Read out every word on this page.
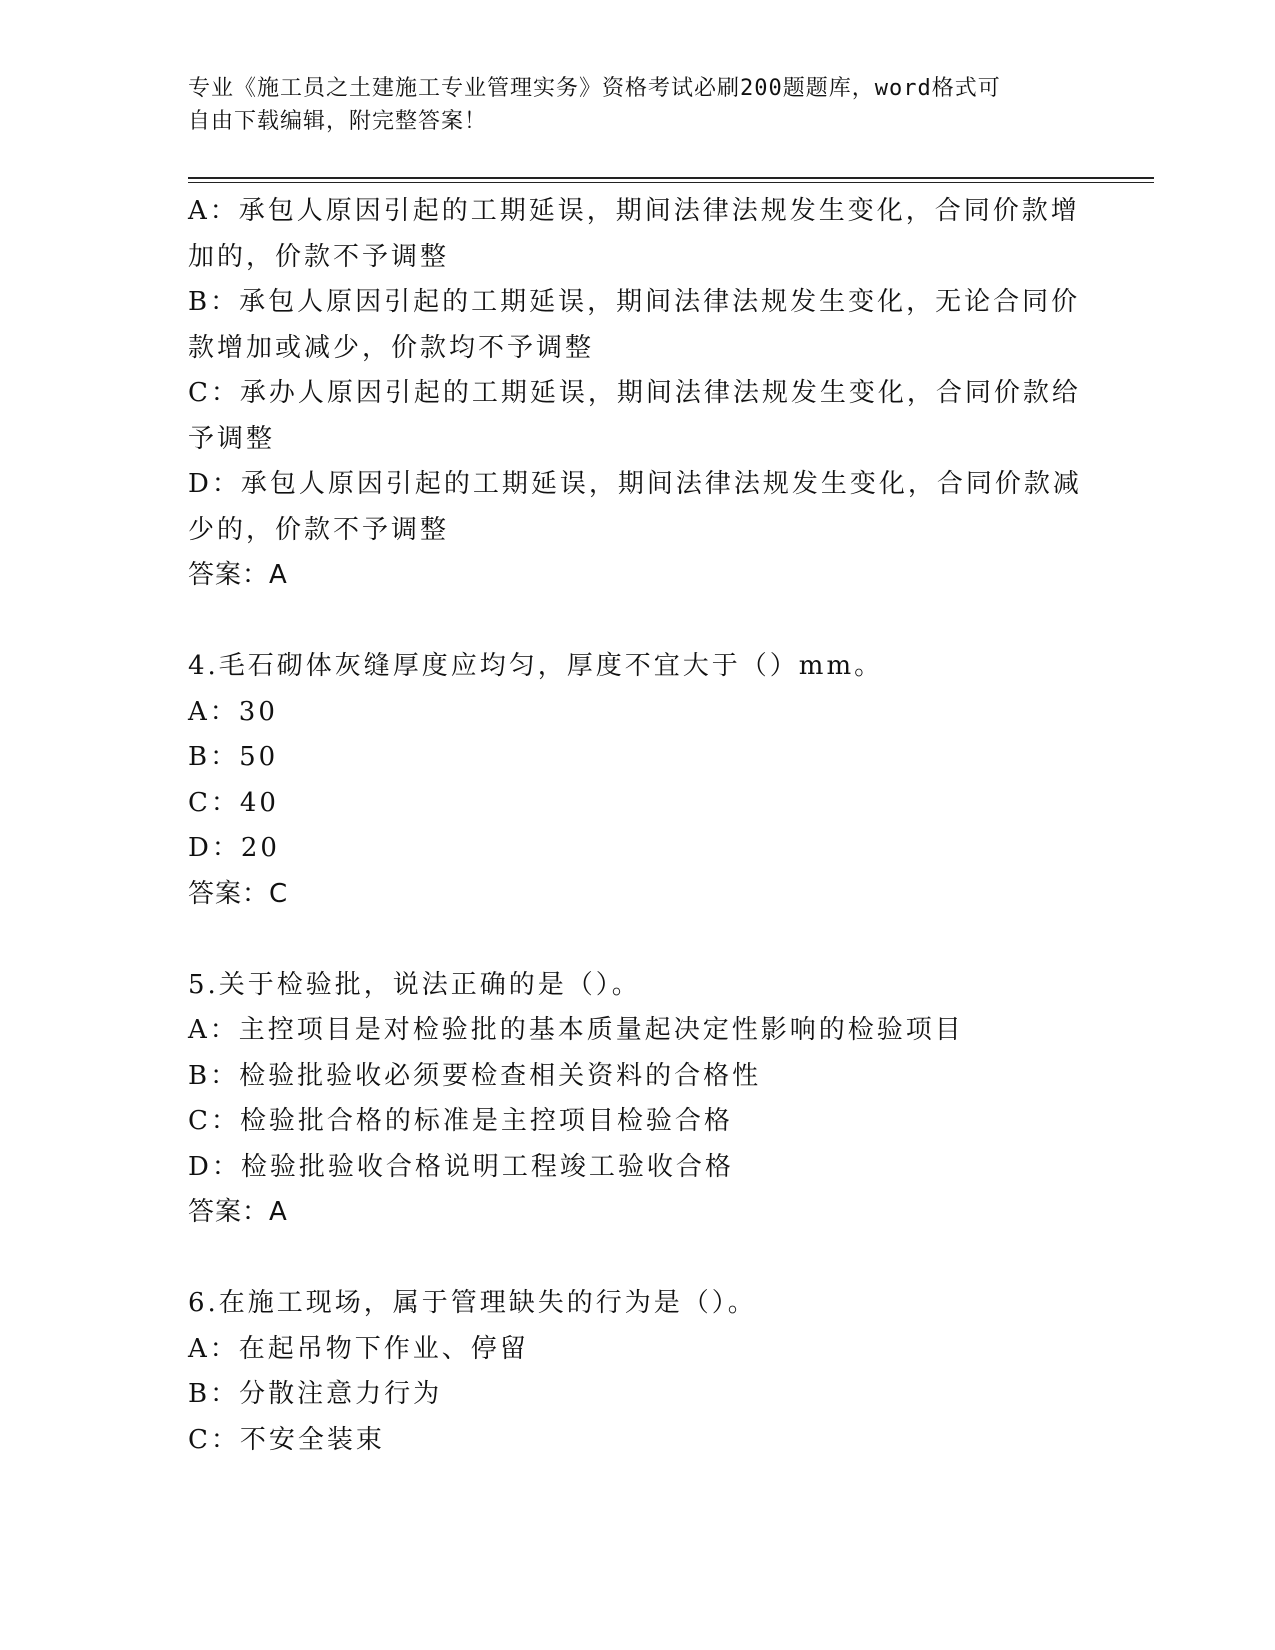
专业《施工员之土建施工专业管理实务》资格考试必刷200题题库，word格式可
自由下载编辑，附完整答案！
A：承包人原因引起的工期延误，期间法律法规发生变化，合同价款增
加的，价款不予调整
B：承包人原因引起的工期延误，期间法律法规发生变化，无论合同价
款增加或减少，价款均不予调整
C：承办人原因引起的工期延误，期间法律法规发生变化，合同价款给
予调整
D：承包人原因引起的工期延误，期间法律法规发生变化，合同价款减
少的，价款不予调整
答案：A
4.毛石砌体灰缝厚度应均匀，厚度不宜大于（）mm。
A：30
B：50
C：40
D：20
答案：C
5.关于检验批，说法正确的是（）。
A：主控项目是对检验批的基本质量起决定性影响的检验项目
B：检验批验收必须要检查相关资料的合格性
C：检验批合格的标准是主控项目检验合格
D：检验批验收合格说明工程竣工验收合格
答案：A
6.在施工现场，属于管理缺失的行为是（）。
A：在起吊物下作业、停留
B：分散注意力行为
C：不安全装束
